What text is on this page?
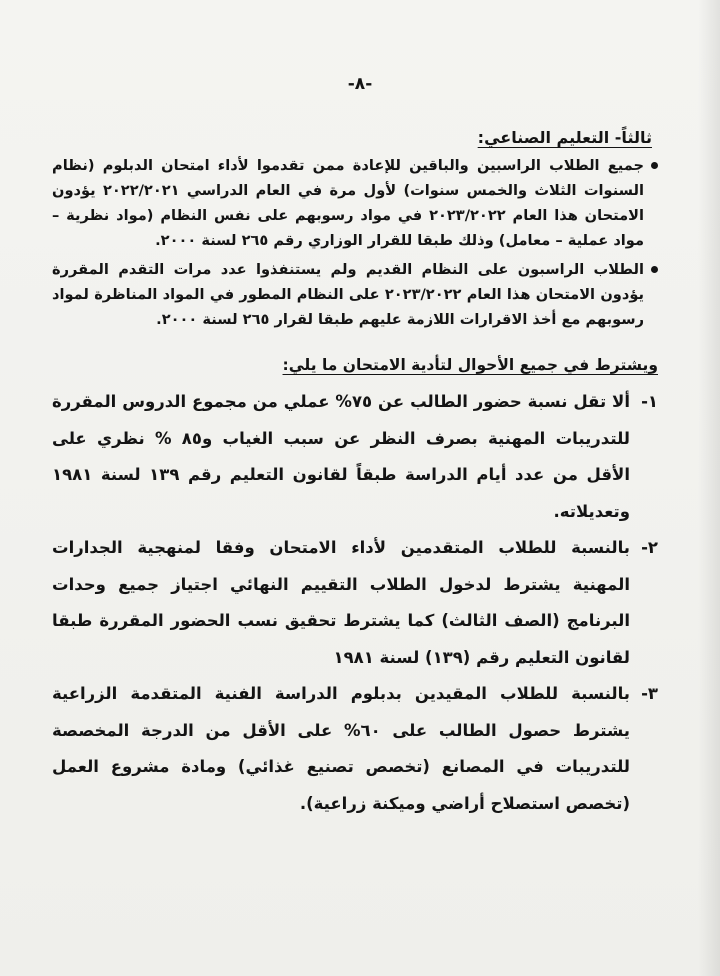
-٨-
ثالثاً- التعليم الصناعي:
جميع الطلاب الراسبين والباقين للإعادة ممن تقدموا لأداء امتحان الدبلوم (نظام السنوات الثلاث والخمس سنوات) لأول مرة في العام الدراسي ٢٠٢٢/٢٠٢١ يؤدون الامتحان هذا العام ٢٠٢٣/٢٠٢٢ في مواد رسوبهم على نفس النظام (مواد نظرية – مواد عملية – معامل) وذلك طبقا للقرار الوزاري رقم ٢٦٥ لسنة ٢٠٠٠.
الطلاب الراسبون على النظام القديم ولم يستنفذوا عدد مرات التقدم المقررة يؤدون الامتحان هذا العام ٢٠٢٣/٢٠٢٢ على النظام المطور في المواد المناظرة لمواد رسوبهم مع أخذ الاقرارات اللازمة عليهم طبقا لقرار ٢٦٥ لسنة ٢٠٠٠.
ويشترط في جميع الأحوال لتأدية الامتحان ما يلي:
١-
ألا تقل نسبة حضور الطالب عن ٧٥% عملي من مجموع الدروس المقررة للتدريبات المهنية بصرف النظر عن سبب الغياب و٨٥ % نظري على الأقل من عدد أيام الدراسة طبقاً لقانون التعليم رقم ١٣٩ لسنة ١٩٨١ وتعديلاته.
٢-
بالنسبة للطلاب المتقدمين لأداء الامتحان وفقا لمنهجية الجدارات المهنية يشترط لدخول الطلاب التقييم النهائي اجتياز جميع وحدات البرنامج (الصف الثالث) كما يشترط تحقيق نسب الحضور المقررة طبقا لقانون التعليم رقم (١٣٩) لسنة ١٩٨١
٣-
بالنسبة للطلاب المقيدين بدبلوم الدراسة الفنية المتقدمة الزراعية يشترط حصول الطالب على ٦٠% على الأقل من الدرجة المخصصة للتدريبات في المصانع (تخصص تصنيع غذائي) ومادة مشروع العمل (تخصص استصلاح أراضي وميكنة زراعية).
